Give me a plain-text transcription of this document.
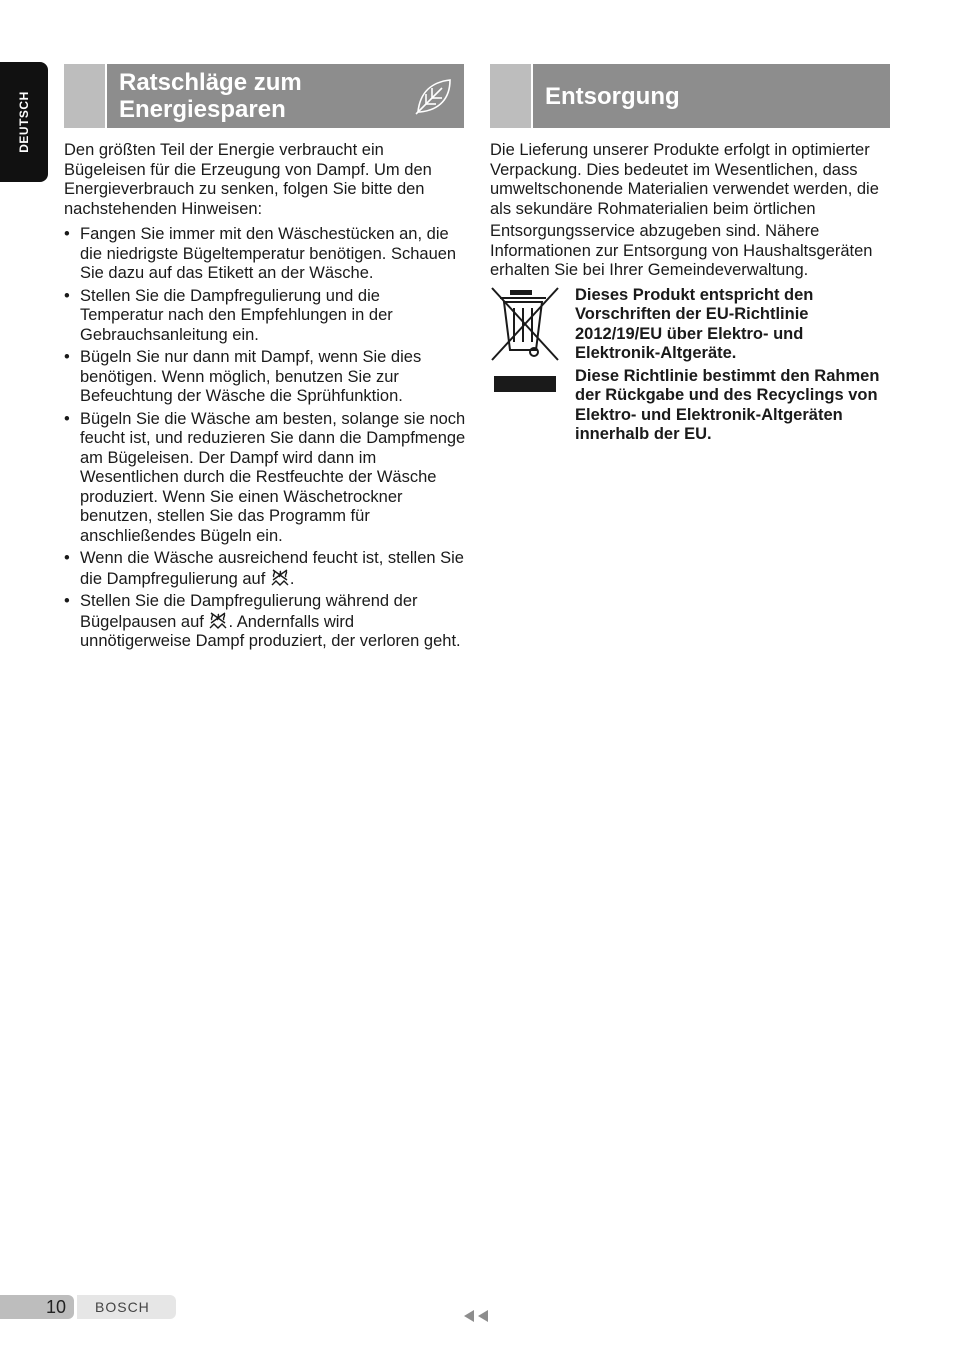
DEUTSCH
Ratschläge zum Energiesparen	Entsorgung

Den größten Teil der Energie verbraucht ein Bügeleisen für die Erzeugung von Dampf. Um den Energieverbrauch zu senken, folgen Sie bitte den nachstehenden Hinweisen:

• Fangen Sie immer mit den Wäschestücken an, die die niedrigste Bügeltemperatur benötigen. Schauen Sie dazu auf das Etikett an der Wäsche.
• Stellen Sie die Dampfregulierung und die Temperatur nach den Empfehlungen in der Gebrauchsanleitung ein.
• Bügeln Sie nur dann mit Dampf, wenn Sie dies benötigen. Wenn möglich, benutzen Sie zur Befeuchtung der Wäsche die Sprühfunktion.
• Bügeln Sie die Wäsche am besten, solange sie noch feucht ist, und reduzieren Sie dann die Dampfmenge am Bügeleisen. Der Dampf wird dann im Wesentlichen durch die Restfeuchte der Wäsche produziert. Wenn Sie einen Wäschetrockner benutzen, stellen Sie das Programm für anschließendes Bügeln ein.
• Wenn die Wäsche ausreichend feucht ist, stellen Sie die Dampfregulierung auf .
• Stellen Sie die Dampfregulierung während der Bügelpausen auf . Andernfalls wird unnötigerweise Dampf produziert, der verloren geht.

Die Lieferung unserer Produkte erfolgt in optimierter Verpackung. Dies bedeutet im Wesentlichen, dass umweltschonende Materialien verwendet werden, die als sekundäre Rohmaterialien beim örtlichen

Entsorgungsservice abzugeben sind. Nähere Informationen zur Entsorgung von Haushaltsgeräten erhalten Sie bei Ihrer Gemeindeverwaltung.

Dieses Produkt entspricht den Vorschriften der EU-Richtlinie 2012/19/EU über Elektro- und Elektronik-Altgeräte.

Diese Richtlinie bestimmt den Rahmen der Rückgabe und des Recyclings von Elektro- und Elektronik-Altgeräten innerhalb der EU.

10 BOSCH
